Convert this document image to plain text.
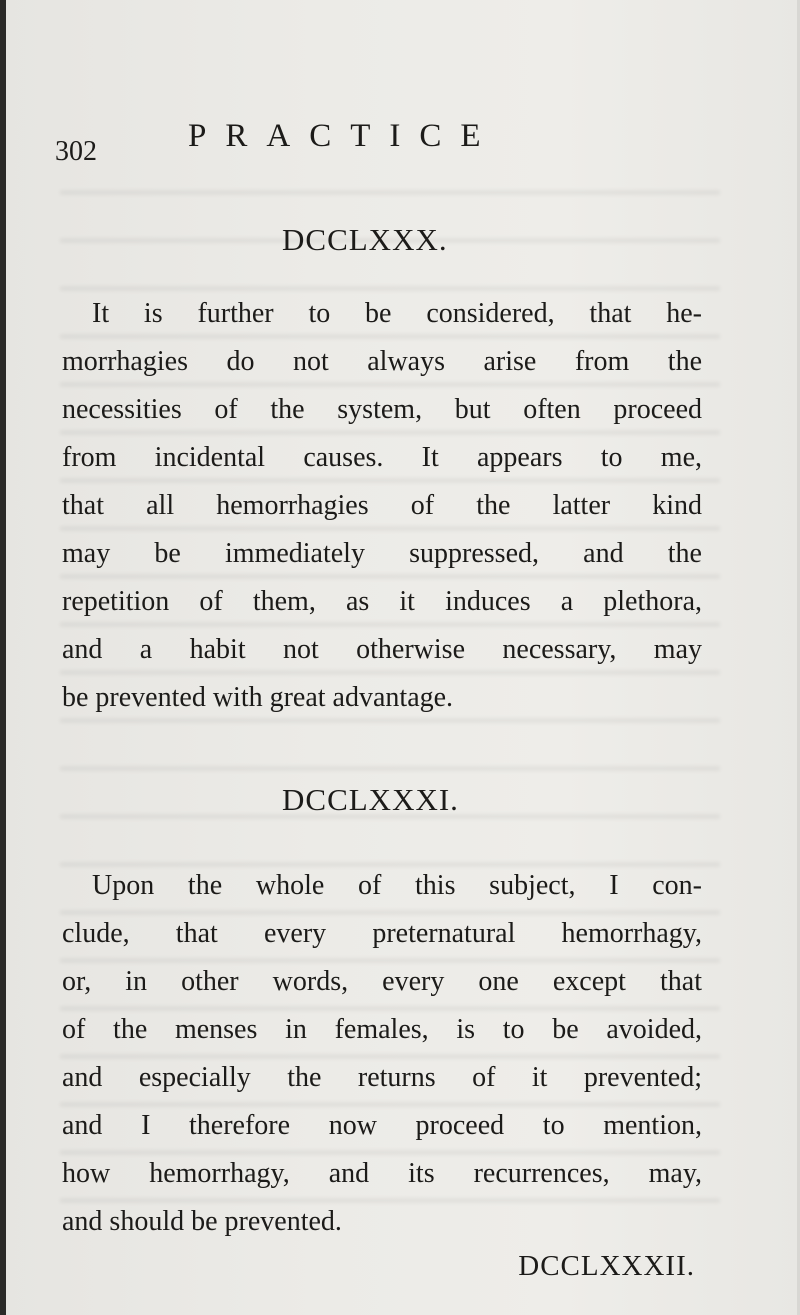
302	PRACTICE
DCCLXXX.
It is further to be considered, that he-
morrhagies do not always arise from the
necessities of the system, but often proceed
from incidental causes. It appears to me,
that all hemorrhagies of the latter kind
may be immediately suppressed, and the
repetition of them, as it induces a plethora,
and a habit not otherwise necessary, may
be prevented with great advantage.
DCCLXXXI.
Upon the whole of this subject, I con-
clude, that every preternatural hemorrhagy,
or, in other words, every one except that
of the menses in females, is to be avoided,
and especially the returns of it prevented;
and I therefore now proceed to mention,
how hemorrhagy, and its recurrences, may,
and should be prevented.
DCCLXXXII.
